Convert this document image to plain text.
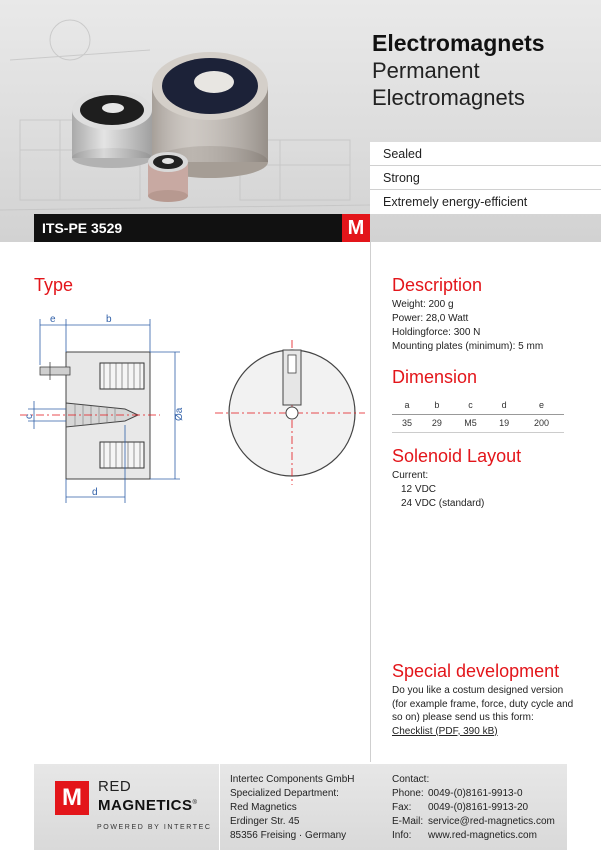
Electromagnets
Permanent
Electromagnets
Sealed
Strong
Extremely energy-efficient
ITS-PE 3529	M
Type
e	b
Øa
c
d
Description
Weight: 200 g
Power: 28,0 Watt
Holdingforce: 300 N
Mounting plates (minimum): 5 mm
Dimension
a	b	c	d	e
35	29	M5	19	200
Solenoid Layout
Current:
12 VDC
24 VDC (standard)
Special development
Do you like a costum designed version
(for example frame, force, duty cycle and
so on) please send us this form:
Checklist (PDF, 390 kB)
M	RED
MAGNETICS®
POWERED BY INTERTEC
Intertec Components GmbH
Specialized Department:
Red Magnetics
Erdinger Str. 45
85356 Freising · Germany
Contact:
Phone: 0049-(0)8161-9913-0
Fax:	0049-(0)8161-9913-20
E-Mail: service@red-magnetics.com
Info:	www.red-magnetics.com
